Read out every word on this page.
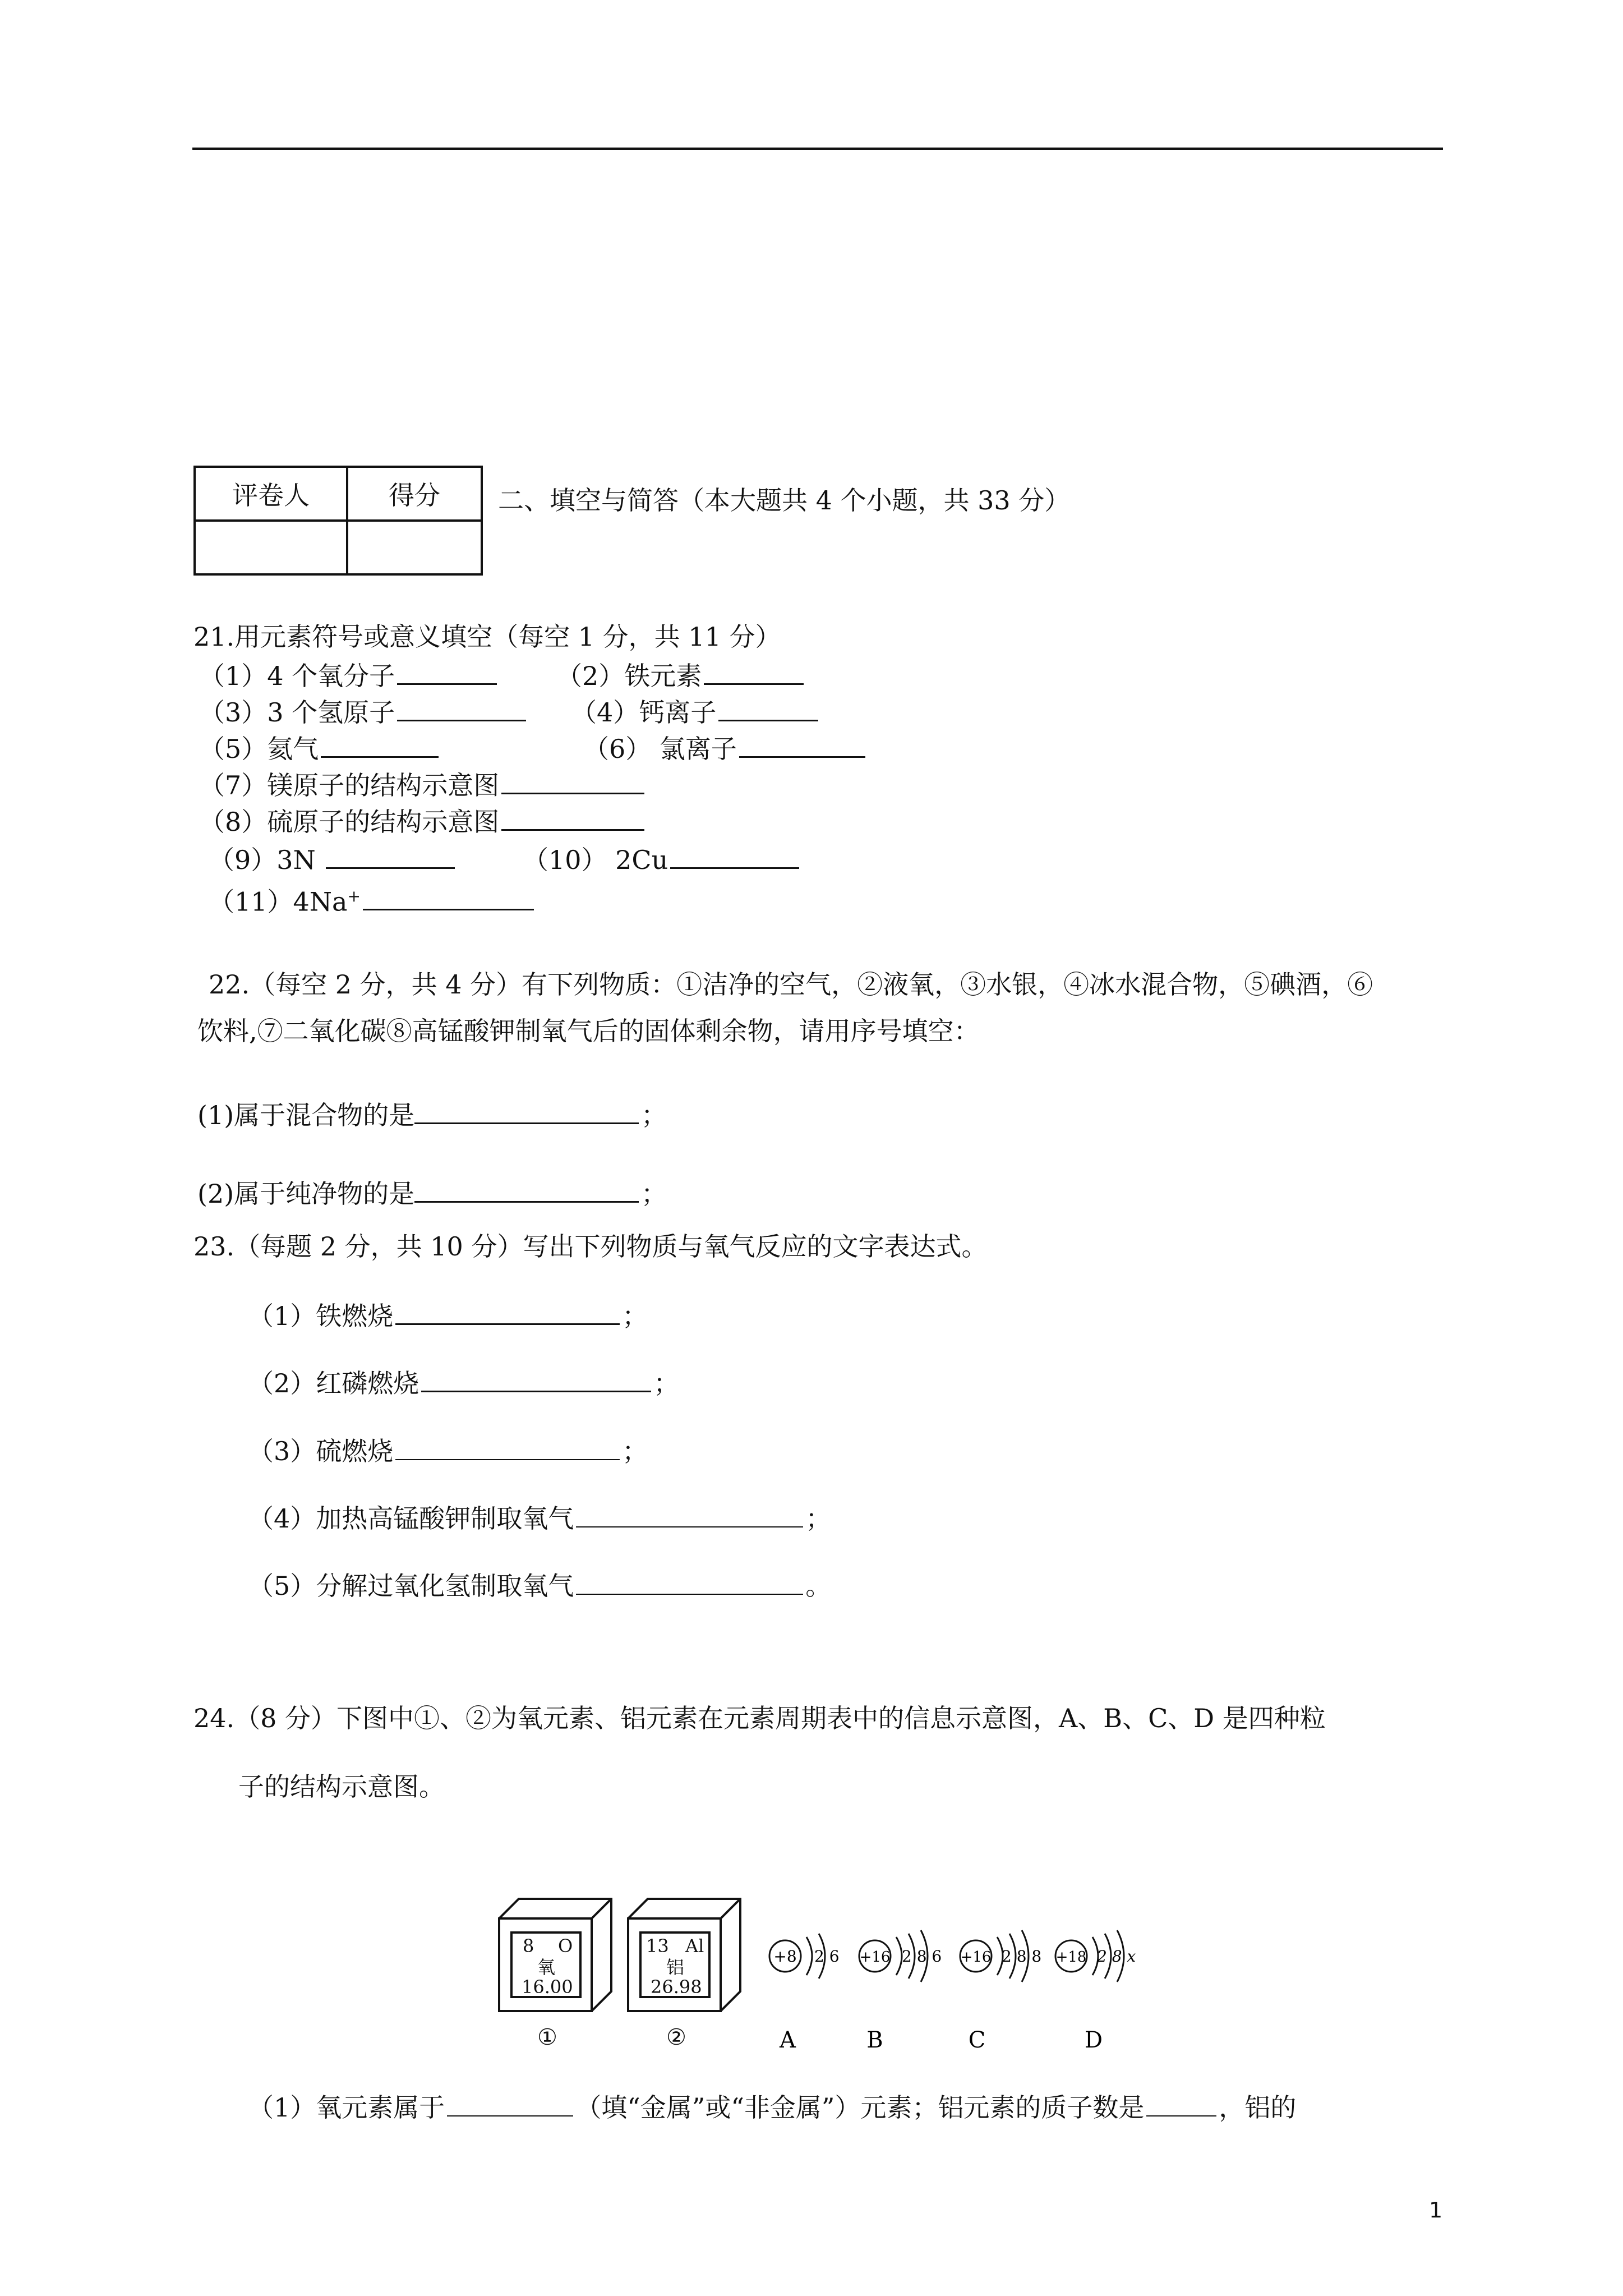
评卷人	得分
	二、填空与简答（本大题共 4 个小题，共 33 分）
21.用元素符号或意义填空（每空 1 分，共 11 分）
（1）4 个氧分子	（2）铁元素
（3）3 个氢原子	（4）钙离子
（5）氦气	（6） 氯离子
（7）镁原子的结构示意图
（8）硫原子的结构示意图
（9）3N	（10） 2Cu
（11）4Na+
22.（每空 2 分，共 4 分）有下列物质：①洁净的空气，②液氧，③水银，④冰水混合物，⑤碘酒，⑥
饮料,⑦二氧化碳⑧高锰酸钾制氧气后的固体剩余物，请用序号填空：
(1)属于混合物的是	；
(2)属于纯净物的是	；
23.（每题 2 分，共 10 分）写出下列物质与氧气反应的文字表达式。
（1）铁燃烧	；
（2）红磷燃烧	；
（3）硫燃烧	；
（4）加热高锰酸钾制取氧气	；
（5）分解过氧化氢制取氧气	。
24.（8 分）下图中①、②为氧元素、铝元素在元素周期表中的信息示意图，A、B、C、D 是四种粒
子的结构示意图。
8 O
氧
16.00
13 Al
铝
26.98
①	②
+8 2 6
A
+16 2 8 6
B
+16 2 8 8
C
+18 2 8 x
D
（1）氧元素属于	（填“金属”或“非金属”）元素；铝元素的质子数是	，铝的
1
